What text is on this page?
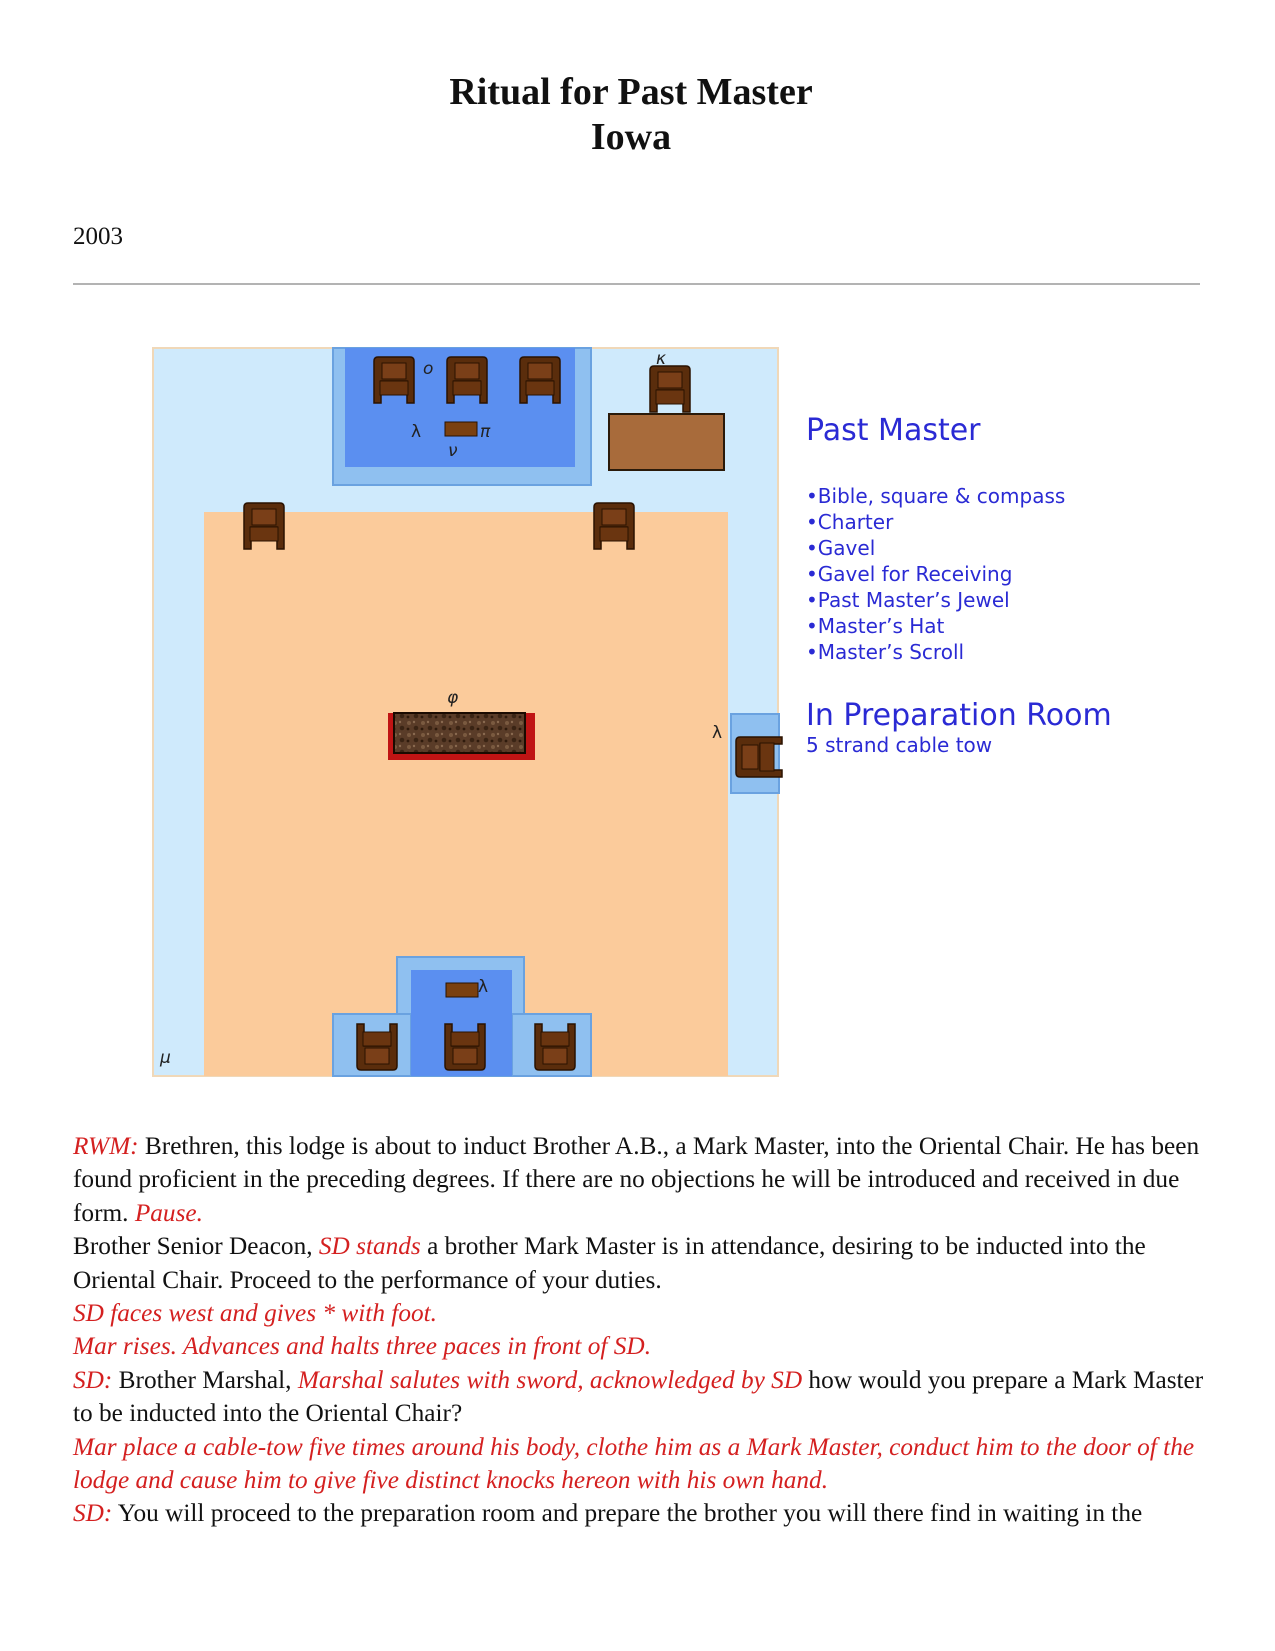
Ritual for Past Master
Iowa
2003
o	κ
λ	π
ν
φ
λ
λ
μ
Past Master
•Bible, square & compass
•Charter
•Gavel
•Gavel for Receiving
•Past Master’s Jewel
•Master’s Hat
•Master’s Scroll
In Preparation Room
5 strand cable tow

RWM: Brethren, this lodge is about to induct Brother A.B., a Mark Master, into the Oriental Chair. He has been found proficient in the preceding degrees. If there are no objections he will be introduced and received in due form. Pause.

Brother Senior Deacon, SD stands a brother Mark Master is in attendance, desiring to be inducted into the Oriental Chair. Proceed to the performance of your duties.

SD faces west and gives * with foot.

Mar rises. Advances and halts three paces in front of SD.

SD: Brother Marshal, Marshal salutes with sword, acknowledged by SD how would you prepare a Mark Master to be inducted into the Oriental Chair?

Mar place a cable-tow five times around his body, clothe him as a Mark Master, conduct him to the door of the lodge and cause him to give five distinct knocks hereon with his own hand.

SD: You will proceed to the preparation room and prepare the brother you will there find in waiting in the
